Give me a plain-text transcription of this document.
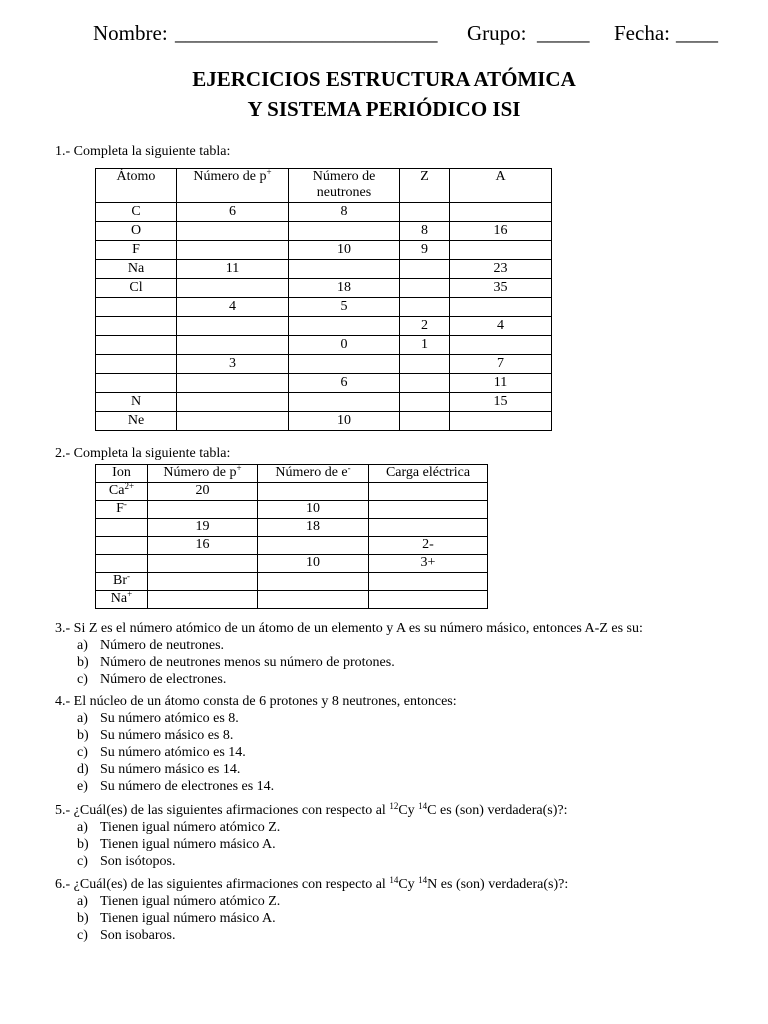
Nombre: _________________________ Grupo: _____ Fecha: ____
EJERCICIOS ESTRUCTURA ATÓMICA
Y SISTEMA PERIÓDICO ISI
1.- Completa la siguiente tabla:
Átomo	Número de p+	Número de neutrones	Z	A
C	6	8		
O			8	16
F		10	9	
Na	11			23
Cl		18		35
	4	5		
			2	4
		0	1	
	3			7
		6		11
N				15
Ne		10		
2.- Completa la siguiente tabla:
Ion	Número de p+	Número de e-	Carga eléctrica
$Ca^{2+}$	20		
F-		10	
	19	18	
	16		2-
		10	3+
Br-			
Na+			
3.- Si Z es el número atómico de un átomo de un elemento y A es su número másico, entonces A-Z es su:
a) Número de neutrones.
b) Número de neutrones menos su número de protones.
c) Número de electrones.
4.- El núcleo de un átomo consta de 6 protones y 8 neutrones, entonces:
a) Su número atómico es 8.
b) Su número másico es 8.
c) Su número atómico es 14.
d) Su número másico es 14.
e) Su número de electrones es 14.
5.- ¿Cuál(es) de las siguientes afirmaciones con respecto al $^{12}$Cy $^{14}$C es (son) verdadera(s)?:
a) Tienen igual número atómico Z.
b) Tienen igual número másico A.
c) Son isótopos.
6.- ¿Cuál(es) de las siguientes afirmaciones con respecto al $^{14}$Cy $^{14}$N es (son) verdadera(s)?:
a) Tienen igual número atómico Z.
b) Tienen igual número másico A.
c) Son isobaros.
